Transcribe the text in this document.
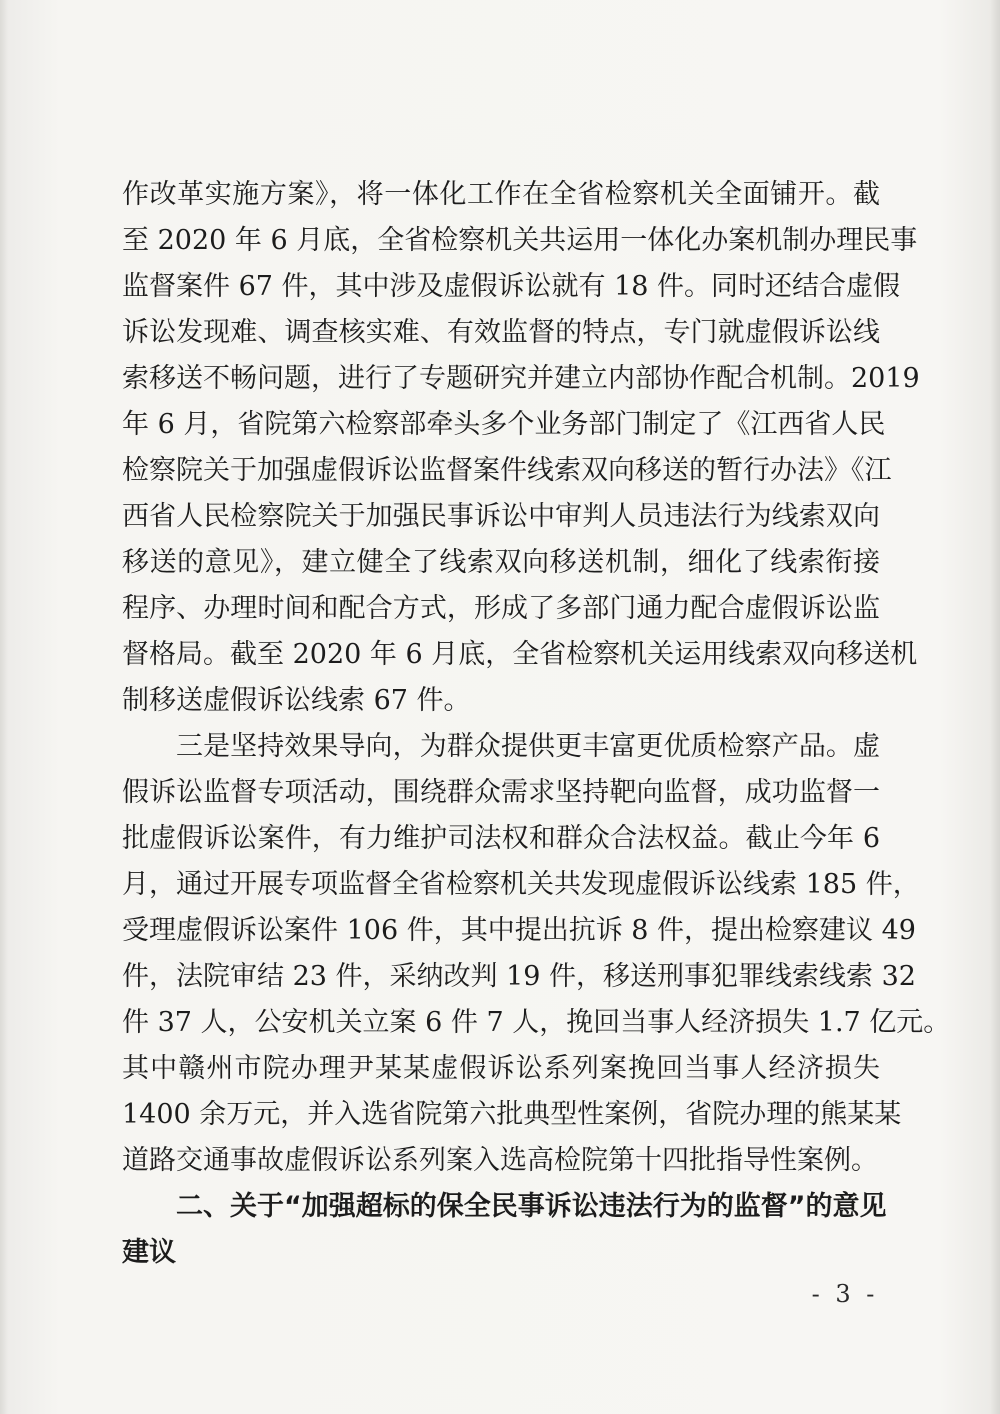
作改革实施方案》，将一体化工作在全省检察机关全面铺开。截
至 2020 年 6 月底，全省检察机关共运用一体化办案机制办理民事
监督案件 67 件，其中涉及虚假诉讼就有 18 件。同时还结合虚假
诉讼发现难、调查核实难、有效监督的特点，专门就虚假诉讼线
索移送不畅问题，进行了专题研究并建立内部协作配合机制。2019
年 6 月，省院第六检察部牵头多个业务部门制定了《江西省人民
检察院关于加强虚假诉讼监督案件线索双向移送的暂行办法》《江
西省人民检察院关于加强民事诉讼中审判人员违法行为线索双向
移送的意见》，建立健全了线索双向移送机制，细化了线索衔接
程序、办理时间和配合方式，形成了多部门通力配合虚假诉讼监
督格局。截至 2020 年 6 月底，全省检察机关运用线索双向移送机
制移送虚假诉讼线索 67 件。
三是坚持效果导向，为群众提供更丰富更优质检察产品。虚
假诉讼监督专项活动，围绕群众需求坚持靶向监督，成功监督一
批虚假诉讼案件，有力维护司法权和群众合法权益。截止今年 6
月，通过开展专项监督全省检察机关共发现虚假诉讼线索 185 件，
受理虚假诉讼案件 106 件，其中提出抗诉 8 件，提出检察建议 49
件，法院审结 23 件，采纳改判 19 件，移送刑事犯罪线索线索 32
件 37 人，公安机关立案 6 件 7 人，挽回当事人经济损失 1.7 亿元。
其中赣州市院办理尹某某虚假诉讼系列案挽回当事人经济损失
1400 余万元，并入选省院第六批典型性案例，省院办理的熊某某
道路交通事故虚假诉讼系列案入选高检院第十四批指导性案例。
二、关于“加强超标的保全民事诉讼违法行为的监督”的意见
建议
- 3 -
